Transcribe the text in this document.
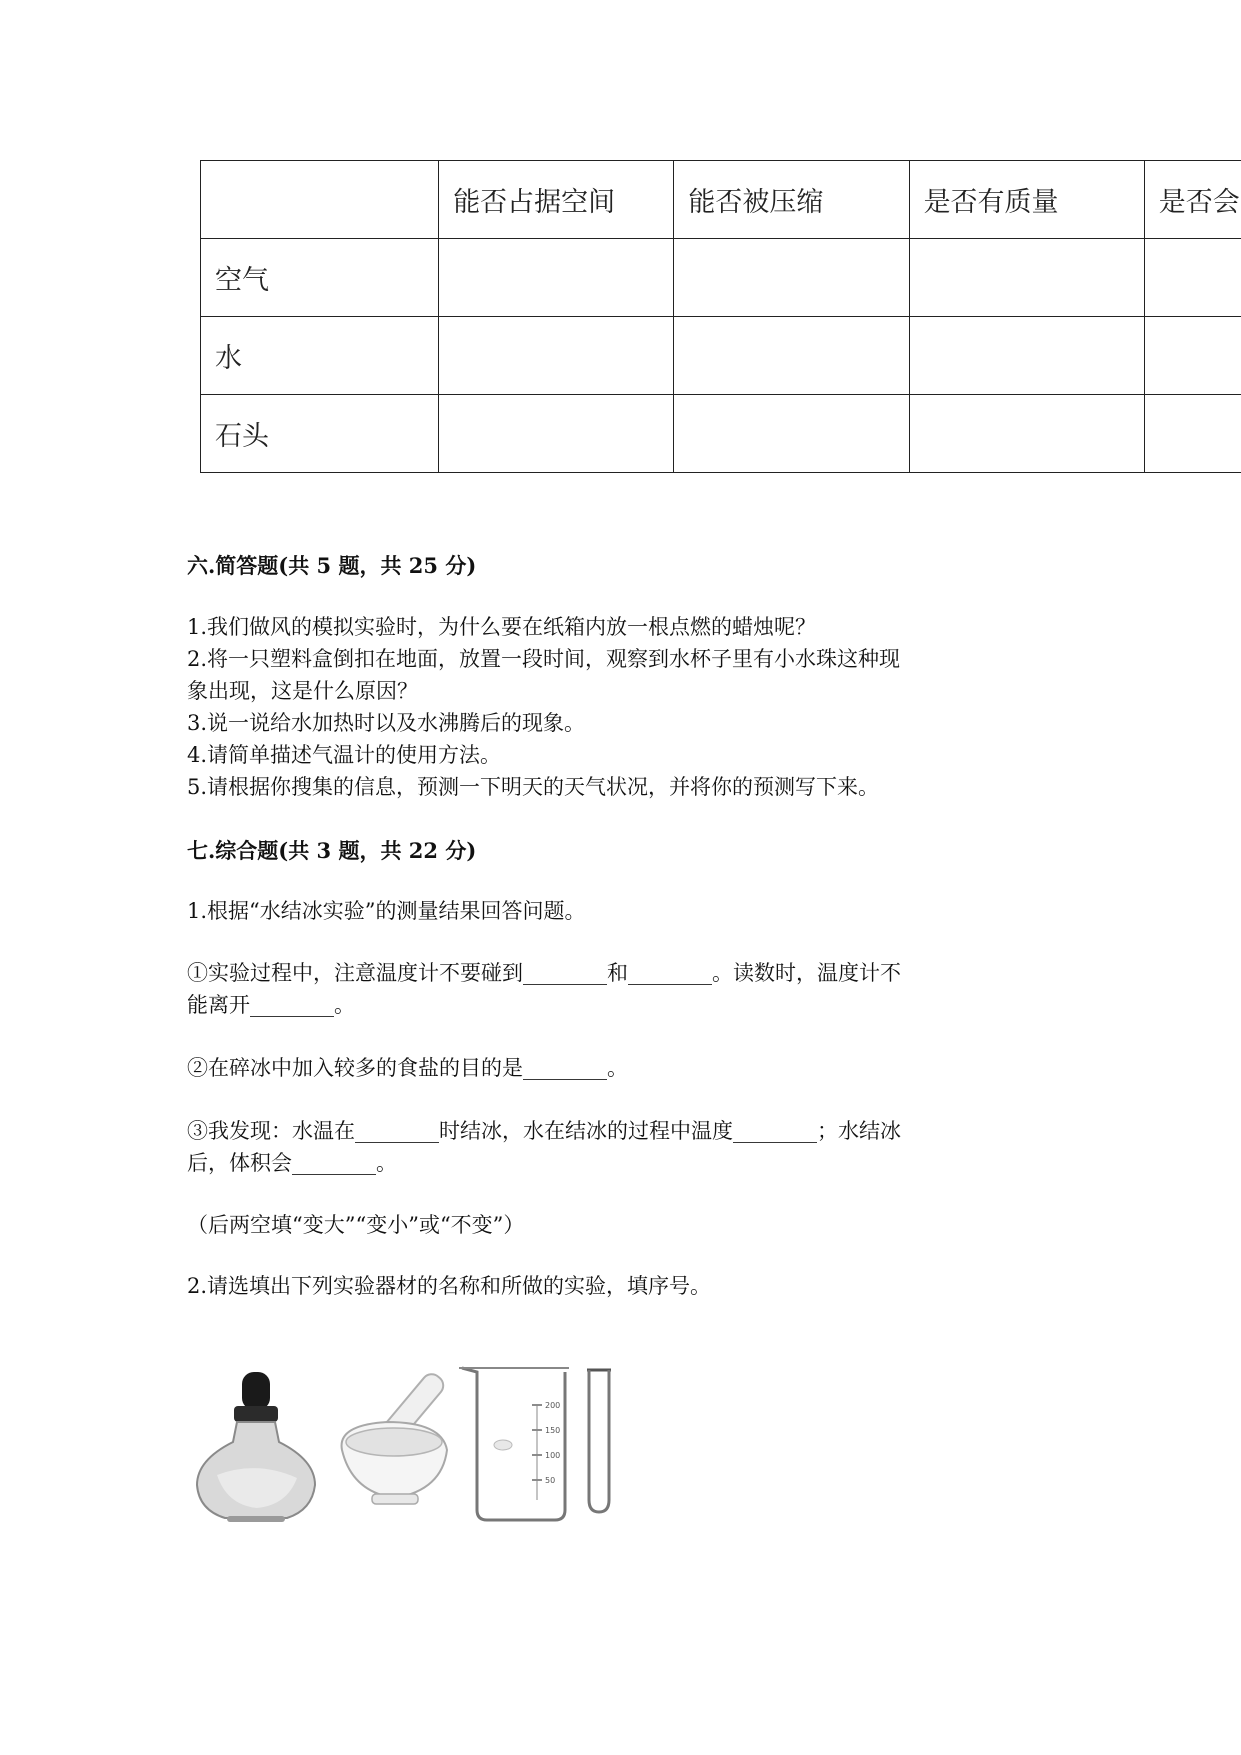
	能否占据空间	能否被压缩	是否有质量	是否会
空气				
水				
石头				
六.简答题(共 5 题，共 25 分)
1.我们做风的模拟实验时，为什么要在纸箱内放一根点燃的蜡烛呢？
2.将一只塑料盒倒扣在地面，放置一段时间，观察到水杯子里有小水珠这种现
象出现，这是什么原因？
3.说一说给水加热时以及水沸腾后的现象。
4.请简单描述气温计的使用方法。
5.请根据你搜集的信息，预测一下明天的天气状况，并将你的预测写下来。
七.综合题(共 3 题，共 22 分)
1.根据“水结冰实验”的测量结果回答问题。
①实验过程中，注意温度计不要碰到________和________。读数时，温度计不
能离开________。
②在碎冰中加入较多的食盐的目的是________。
③我发现：水温在________时结冰，水在结冰的过程中温度________；水结冰
后，体积会________。
（后两空填“变大”“变小”或“不变”）
2.请选填出下列实验器材的名称和所做的实验，填序号。
200
150
100
50
